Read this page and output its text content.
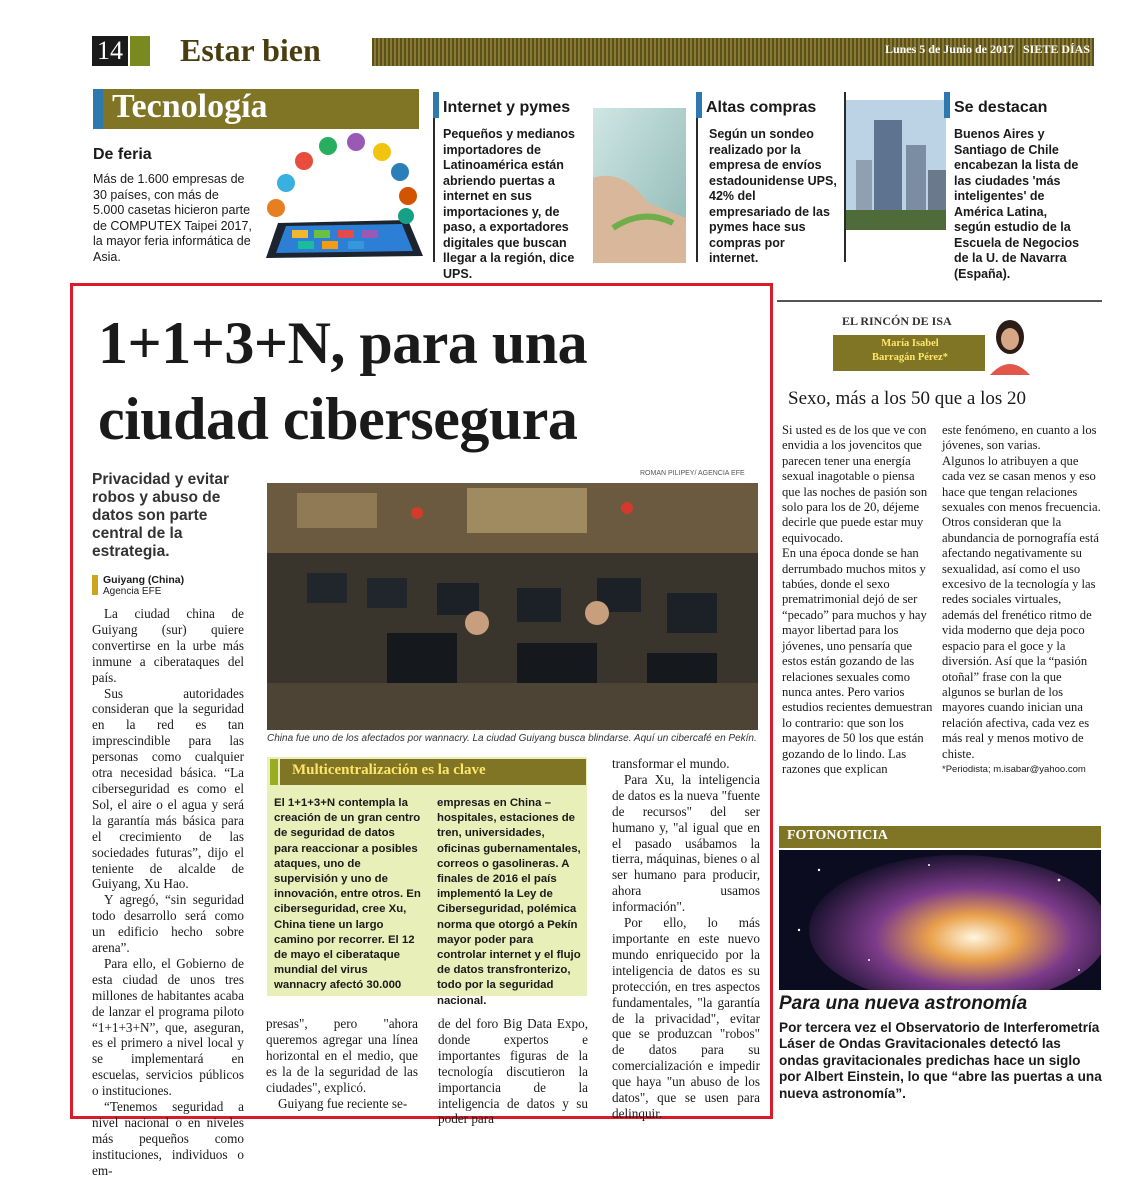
14 Estar bien	Lunes 5 de Junio de 2017 SIETE DÍAS
Tecnología
De feria
Más de 1.600 empresas de 30 países, con más de 5.000 casetas hicieron parte de COMPUTEX Taipei 2017, la mayor feria informática de Asia.
Internet y pymes
Pequeños y medianos importadores de Latinoamérica están abriendo puertas a internet en sus importaciones y, de paso, a exportadores digitales que buscan llegar a la región, dice UPS.
Altas compras
Según un sondeo realizado por la empresa de envíos estadounidense UPS, 42% del empresariado de las pymes hace sus compras por internet.
Se destacan
Buenos Aires y Santiago de Chile encabezan la lista de las ciudades 'más inteligentes' de América Latina, según estudio de la Escuela de Negocios de la U. de Navarra (España).
1+1+3+N, para una
ciudad cibersegura
Privacidad y evitar robos y abuso de datos son parte central de la estrategia.
Guiyang (China)
Agencia EFE

La ciudad china de Guiyang (sur) quiere convertirse en la urbe más inmune a ciberataques del país.

Sus autoridades consideran que la seguridad en la red es tan imprescindible para las personas como cualquier otra necesidad básica. “La ciberseguridad es como el Sol, el aire o el agua y será la garantía más básica para el crecimiento de las sociedades futuras”, dijo el teniente de alcalde de Guiyang, Xu Hao.

Y agregó, “sin seguridad todo desarrollo será como un edificio hecho sobre arena”.

Para ello, el Gobierno de esta ciudad de unos tres millones de habitantes acaba de lanzar el programa piloto “1+1+3+N”, que, aseguran, es el primero a nivel local y se implementará en escuelas, servicios públicos o instituciones.

“Tenemos seguridad a nivel nacional o en niveles más pequeños como instituciones, individuos o em-

ROMAN PILIPEY/ AGENCIA EFE
China fue uno de los afectados por wannacry. La ciudad Guiyang busca blindarse. Aquí un cibercafé en Pekín.
Multicentralización es la clave
El 1+1+3+N contempla la creación de un gran centro de seguridad de datos para reaccionar a posibles ataques, uno de supervisión y uno de innovación, entre otros. En ciberseguridad, cree Xu, China tiene un largo camino por recorrer. El 12 de mayo el ciberataque mundial del virus wannacry afectó 30.000
empresas en China –hospitales, estaciones de tren, universidades, oficinas gubernamentales, correos o gasolineras. A finales de 2016 el país implementó la Ley de Ciberseguridad, polémica norma que otorgó a Pekín mayor poder para controlar internet y el flujo de datos transfronterizo, todo por la seguridad nacional.

presas", pero "ahora queremos agregar una línea horizontal en el medio, que es la de la seguridad de las ciudades", explicó.

Guiyang fue reciente se-

de del foro Big Data Expo, donde expertos e importantes figuras de la tecnología discutieron la importancia de la inteligencia de datos y su poder para

transformar el mundo.

Para Xu, la inteligencia de datos es la nueva "fuente de recursos" del ser humano y, "al igual que en el pasado usábamos la tierra, máquinas, bienes o al ser humano para producir, ahora usamos información".

Por ello, lo más importante en este nuevo mundo enriquecido por la inteligencia de datos es su protección, en tres aspectos fundamentales, "la garantía de la privacidad", evitar que se produzcan "robos" de datos para su comercialización e impedir que haya "un abuso de los datos", que se usen para delinquir.

EL RINCÓN DE ISA
María Isabel
Barragán Pérez*
Sexo, más a los 50 que a los 20

Si usted es de los que ve con envidia a los jovencitos que parecen tener una energía sexual inagotable o piensa que las noches de pasión son solo para los de 20, déjeme decirle que puede estar muy equivocado.

En una época donde se han derrumbado muchos mitos y tabúes, donde el sexo prematrimonial dejó de ser “pecado” para muchos y hay mayor libertad para los jóvenes, uno pensaría que estos están gozando de las relaciones sexuales como nunca antes. Pero varios estudios recientes demuestran lo contrario: que son los mayores de 50 los que están gozando de lo lindo. Las razones que explican

este fenómeno, en cuanto a los jóvenes, son varias.

Algunos lo atribuyen a que cada vez se casan menos y eso hace que tengan relaciones sexuales con menos frecuencia. Otros consideran que la abundancia de pornografía está afectando negativamente su sexualidad, así como el uso excesivo de la tecnología y las redes sociales virtuales, además del frenético ritmo de vida moderno que deja poco espacio para el goce y la diversión. Así que la “pasión otoñal” frase con la que algunos se burlan de los mayores cuando inician una relación afectiva, cada vez es más real y menos motivo de chiste.

*Periodista; m.isabar@yahoo.com

FOTONOTICIA
Para una nueva astronomía
Por tercera vez el Observatorio de Interferometría Láser de Ondas Gravitacionales detectó las ondas gravitacionales predichas hace un siglo por Albert Einstein, lo que “abre las puertas a una nueva astronomía”.
